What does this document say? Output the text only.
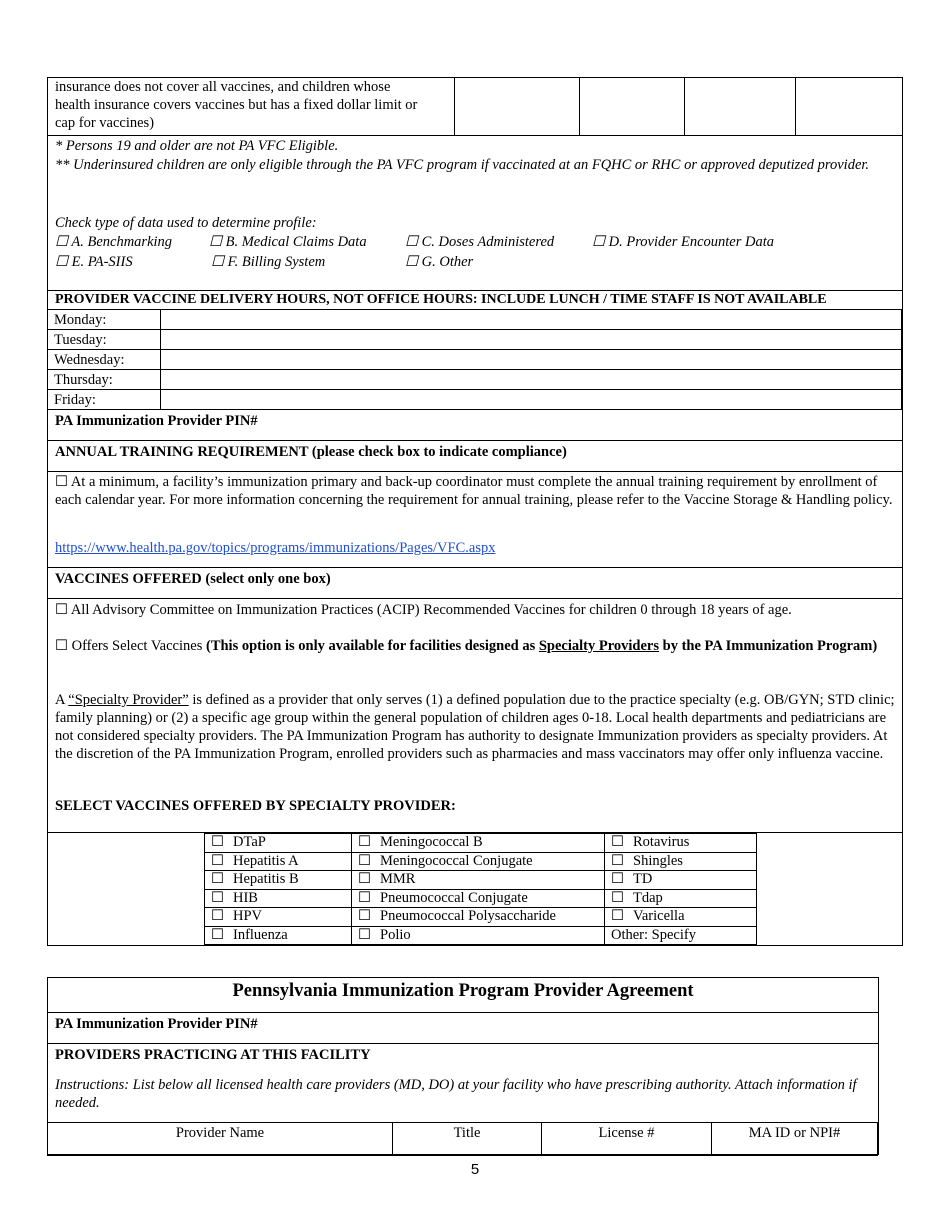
insurance does not cover all vaccines, and children whose
health insurance covers vaccines but has a fixed dollar limit or
cap for vaccines)
* Persons 19 and older are not PA VFC Eligible.
** Underinsured children are only eligible through the PA VFC program if vaccinated at an FQHC or RHC or approved deputized provider.
Check type of data used to determine profile:
☐ A. Benchmarking	☐ B. Medical Claims Data	☐ C. Doses Administered	☐ D. Provider Encounter Data
☐ E. PA-SIIS	☐ F. Billing System	☐ G. Other
PROVIDER VACCINE DELIVERY HOURS, NOT OFFICE HOURS: INCLUDE LUNCH / TIME STAFF IS NOT AVAILABLE
Monday:	
Tuesday:	
Wednesday:	
Thursday:	
Friday:	
PA Immunization Provider PIN#
ANNUAL TRAINING REQUIREMENT (please check box to indicate compliance)
☐ At a minimum, a facility’s immunization primary and back-up coordinator must complete the annual training requirement by enrollment of each calendar year. For more information concerning the requirement for annual training, please refer to the Vaccine Storage & Handling policy.
https://www.health.pa.gov/topics/programs/immunizations/Pages/VFC.aspx
VACCINES OFFERED (select only one box)
☐ All Advisory Committee on Immunization Practices (ACIP) Recommended Vaccines for children 0 through 18 years of age.
☐ Offers Select Vaccines (This option is only available for facilities designed as Specialty Providers by the PA Immunization Program)
A “Specialty Provider” is defined as a provider that only serves (1) a defined population due to the practice specialty (e.g. OB/GYN; STD clinic; family planning) or (2) a specific age group within the general population of children ages 0-18. Local health departments and pediatricians are not considered specialty providers. The PA Immunization Program has authority to designate Immunization providers as specialty providers. At the discretion of the PA Immunization Program, enrolled providers such as pharmacies and mass vaccinators may offer only influenza vaccine.
SELECT VACCINES OFFERED BY SPECIALTY PROVIDER:
☐ DTaP	☐ Meningococcal B	☐ Rotavirus
☐ Hepatitis A	☐ Meningococcal Conjugate	☐ Shingles
☐ Hepatitis B	☐ MMR	☐ TD
☐ HIB	☐ Pneumococcal Conjugate	☐ Tdap
☐ HPV	☐ Pneumococcal Polysaccharide	☐ Varicella
☐ Influenza	☐ Polio	Other: Specify
Pennsylvania Immunization Program Provider Agreement
PA Immunization Provider PIN#
PROVIDERS PRACTICING AT THIS FACILITY
Instructions: List below all licensed health care providers (MD, DO) at your facility who have prescribing authority. Attach information if needed.
Provider Name	Title	License #	MA ID or NPI#
5
